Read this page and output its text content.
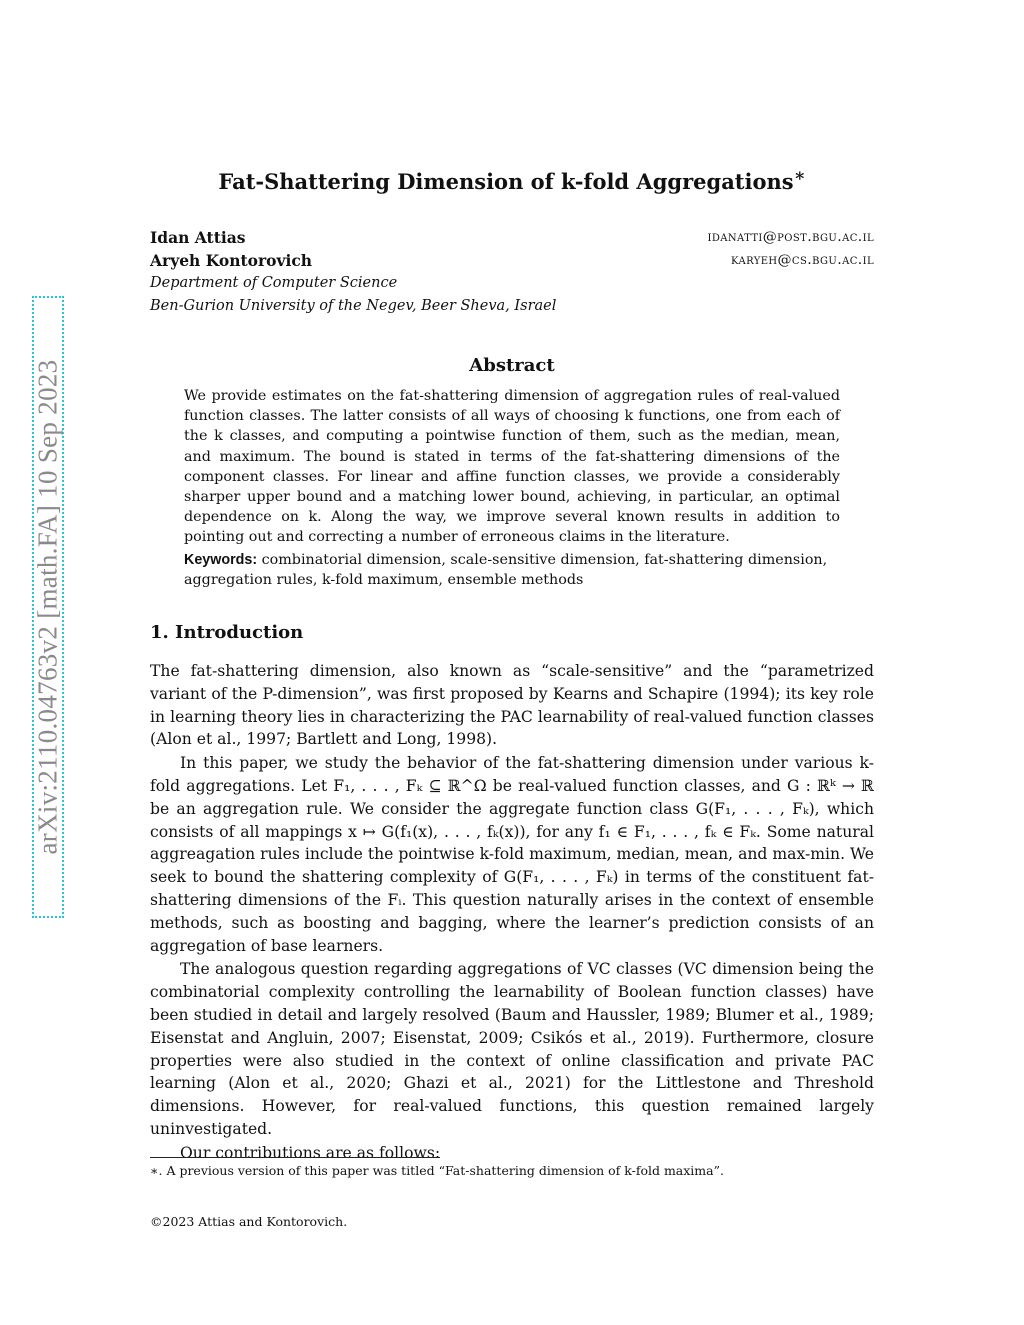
arXiv:2110.04763v2 [math.FA] 10 Sep 2023
Fat-Shattering Dimension of k-fold Aggregations∗
Idan Attias	idanatti@post.bgu.ac.il
Aryeh Kontorovich	karyeh@cs.bgu.ac.il
Department of Computer Science
Ben-Gurion University of the Negev, Beer Sheva, Israel
Abstract

We provide estimates on the fat-shattering dimension of aggregation rules of real-valued function classes. The latter consists of all ways of choosing k functions, one from each of the k classes, and computing a pointwise function of them, such as the median, mean, and maximum. The bound is stated in terms of the fat-shattering dimensions of the component classes. For linear and affine function classes, we provide a considerably sharper upper bound and a matching lower bound, achieving, in particular, an optimal dependence on k. Along the way, we improve several known results in addition to pointing out and correcting a number of erroneous claims in the literature.

Keywords: combinatorial dimension, scale-sensitive dimension, fat-shattering dimension, aggregation rules, k-fold maximum, ensemble methods

1. Introduction

The fat-shattering dimension, also known as “scale-sensitive” and the “parametrized variant of the P-dimension”, was first proposed by Kearns and Schapire (1994); its key role in learning theory lies in characterizing the PAC learnability of real-valued function classes (Alon et al., 1997; Bartlett and Long, 1998).

In this paper, we study the behavior of the fat-shattering dimension under various k-fold aggregations. Let F₁, . . . , Fₖ ⊆ ℝ^Ω be real-valued function classes, and G : ℝᵏ → ℝ be an aggregation rule. We consider the aggregate function class G(F₁, . . . , Fₖ), which consists of all mappings x ↦ G(f₁(x), . . . , fₖ(x)), for any f₁ ∈ F₁, . . . , fₖ ∈ Fₖ. Some natural aggreagation rules include the pointwise k-fold maximum, median, mean, and max-min. We seek to bound the shattering complexity of G(F₁, . . . , Fₖ) in terms of the constituent fat-shattering dimensions of the Fᵢ. This question naturally arises in the context of ensemble methods, such as boosting and bagging, where the learner’s prediction consists of an aggregation of base learners.

The analogous question regarding aggregations of VC classes (VC dimension being the combinatorial complexity controlling the learnability of Boolean function classes) have been studied in detail and largely resolved (Baum and Haussler, 1989; Blumer et al., 1989; Eisenstat and Angluin, 2007; Eisenstat, 2009; Csikós et al., 2019). Furthermore, closure properties were also studied in the context of online classification and private PAC learning (Alon et al., 2020; Ghazi et al., 2021) for the Littlestone and Threshold dimensions. However, for real-valued functions, this question remained largely uninvestigated.

Our contributions are as follows:

∗. A previous version of this paper was titled “Fat-shattering dimension of k-fold maxima”.
©2023 Attias and Kontorovich.
